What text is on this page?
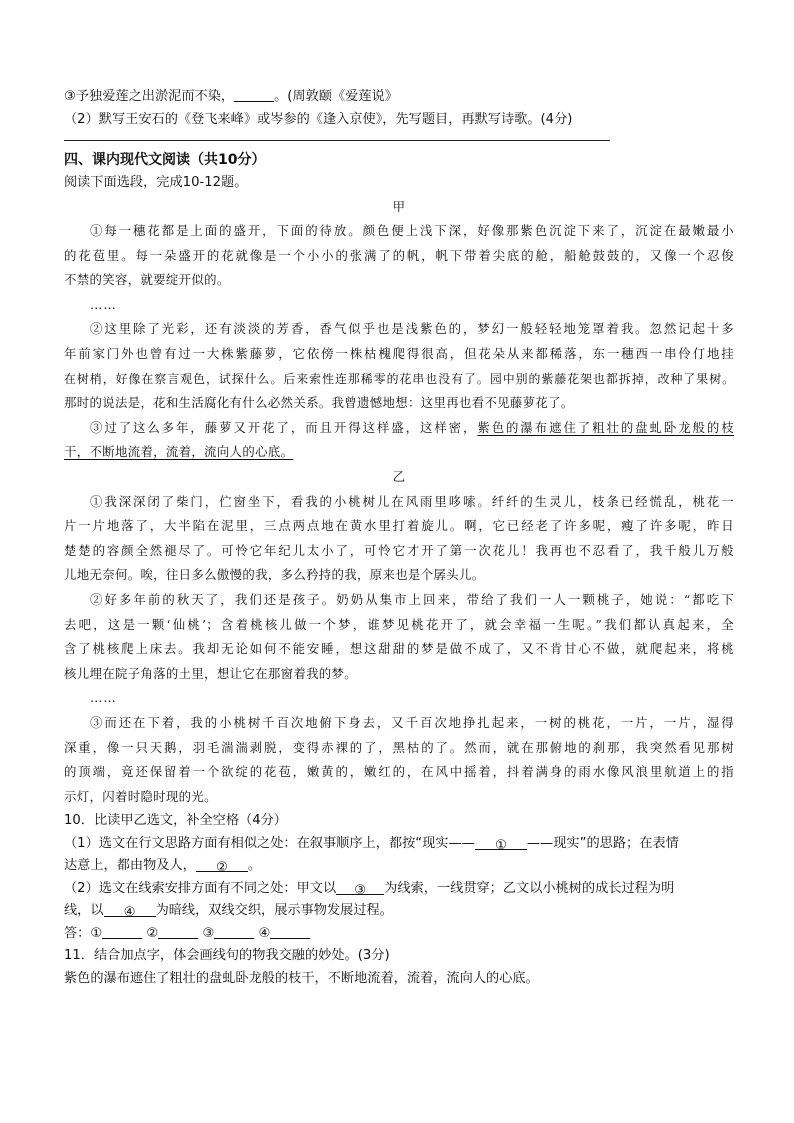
③予独爱莲之出淤泥而不染，	。(周敦颐《爱莲说》
（2）默写王安石的《登飞来峰》或岑参的《逢入京使》，先写题目，再默写诗歌。(4分)
四、课内现代文阅读（共10分）
阅读下面选段，完成10-12题。
甲
①每一穗花都是上面的盛开，下面的待放。颜色便上浅下深，好像那紫色沉淀下来了，沉淀在最嫩最小
的花苞里。每一朵盛开的花就像是一个小小的张满了的帆，帆下带着尖底的舱，船舱鼓鼓的，又像一个忍俊
不禁的笑容，就要绽开似的。
……
②这里除了光彩，还有淡淡的芳香，香气似乎也是浅紫色的，梦幻一般轻轻地笼罩着我。忽然记起十多
年前家门外也曾有过一大株紫藤萝，它依傍一株枯槐爬得很高，但花朵从来都稀落，东一穗西一串伶仃地挂
在树梢，好像在察言观色，试探什么。后来索性连那稀零的花串也没有了。园中别的紫藤花架也都拆掉，改种了果树。
那时的说法是，花和生活腐化有什么必然关系。我曾遗憾地想：这里再也看不见藤萝花了。
③过了这么多年，藤萝又开花了，而且开得这样盛，这样密，紫色的瀑布遮住了粗壮的盘虬卧龙般的枝
干，不断地流着，流着，流向人的心底。
乙
①我深深闭了柴门，伫窗坐下，看我的小桃树儿在风雨里哆嗦。纤纤的生灵儿，枝条已经慌乱，桃花一
片一片地落了，大半陷在泥里，三点两点地在黄水里打着旋儿。啊，它已经老了许多呢，瘦了许多呢，昨日
楚楚的容颜全然褪尽了。可怜它年纪儿太小了，可怜它才开了第一次花儿！我再也不忍看了，我千般儿万般
儿地无奈何。唉，往日多么傲慢的我，多么矜持的我，原来也是个孱头儿。
②好多年前的秋天了，我们还是孩子。奶奶从集市上回来，带给了我们一人一颗桃子，她说：“都吃下
去吧，这是一颗‘仙桃’；含着桃核儿做一个梦，谁梦见桃花开了，就会幸福一生呢。”我们都认真起来，全
含了桃核爬上床去。我却无论如何不能安睡，想这甜甜的梦是做不成了，又不肯甘心不做，就爬起来，将桃
核儿埋在院子角落的土里，想让它在那窗着我的梦。
……
③而还在下着，我的小桃树千百次地俯下身去，又千百次地挣扎起来，一树的桃花，一片，一片，湿得
深重，像一只天鹅，羽毛湍湍剥脱，变得赤裸的了，黑枯的了。然而，就在那俯地的刹那，我突然看见那树
的顶端，竟还保留着一个欲绽的花苞，嫩黄的，嫩红的，在风中摇着，抖着满身的雨水像风浪里航道上的指
示灯，闪着时隐时现的光。
10．比读甲乙选文，补全空格（4分）
（1）选文在行文思路方面有相似之处：在叙事顺序上，都按“现实—— ① ——现实”的思路；在表情
达意上，都由物及人， ② 。
（2）选文在线索安排方面有不同之处：甲文以 ③ 为线索，一线贯穿；乙文以小桃树的成长过程为明
线，以 ④ 为暗线，双线交织，展示事物发展过程。
答：①	②	③	④
11．结合加点字，体会画线句的物我交融的妙处。(3分)
紫色的瀑布遮住了粗壮的盘虬卧龙般的枝干，不断地流着，流着，流向人的心底。
